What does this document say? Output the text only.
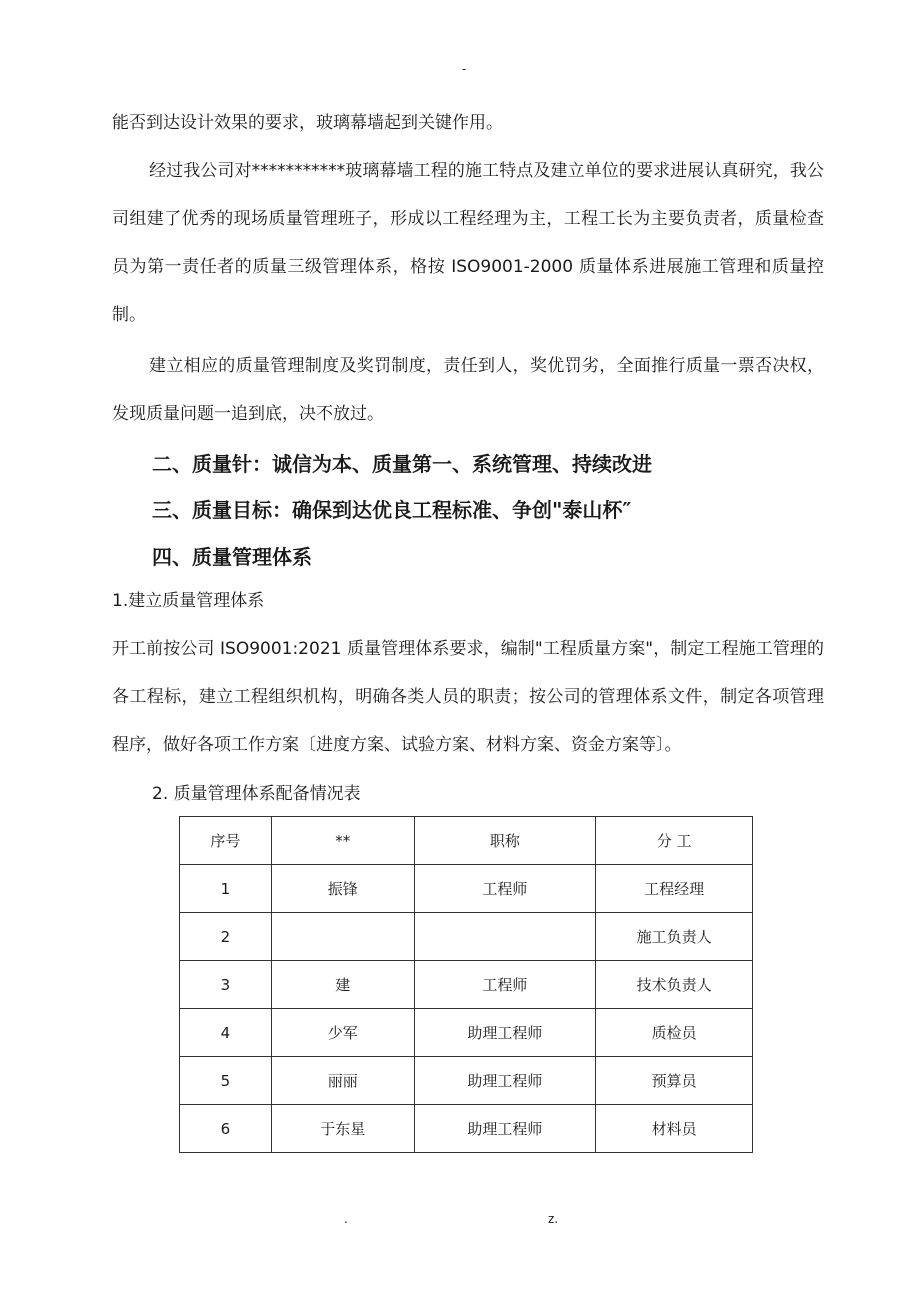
-

能否到达设计效果的要求，玻璃幕墙起到关键作用。

经过我公司对***********玻璃幕墙工程的施工特点及建立单位的要求进展认真研究，我公司组建了优秀的现场质量管理班子，形成以工程经理为主，工程工长为主要负责者，质量检查员为第一责任者的质量三级管理体系，格按 ISO9001-2000 质量体系进展施工管理和质量控制。

建立相应的质量管理制度及奖罚制度，责任到人，奖优罚劣，全面推行质量一票否决权，发现质量问题一追到底，决不放过。

二、质量针：诚信为本、质量第一、系统管理、持续改进
三、质量目标：确保到达优良工程标准、争创"泰山杯″
四、质量管理体系

1.建立质量管理体系

开工前按公司 ISO9001:2021 质量管理体系要求，编制"工程质量方案"，制定工程施工管理的各工程标，建立工程组织机构，明确各类人员的职责；按公司的管理体系文件，制定各项管理程序，做好各项工作方案〔进度方案、试验方案、材料方案、资金方案等〕。

2. 质量管理体系配备情况表

序号	**	职称	分 工
1	振锋	工程师	工程经理
2			施工负责人
3	建	工程师	技术负责人
4	少军	助理工程师	质检员
5	丽丽	助理工程师	预算员
6	于东星	助理工程师	材料员
.	z.
